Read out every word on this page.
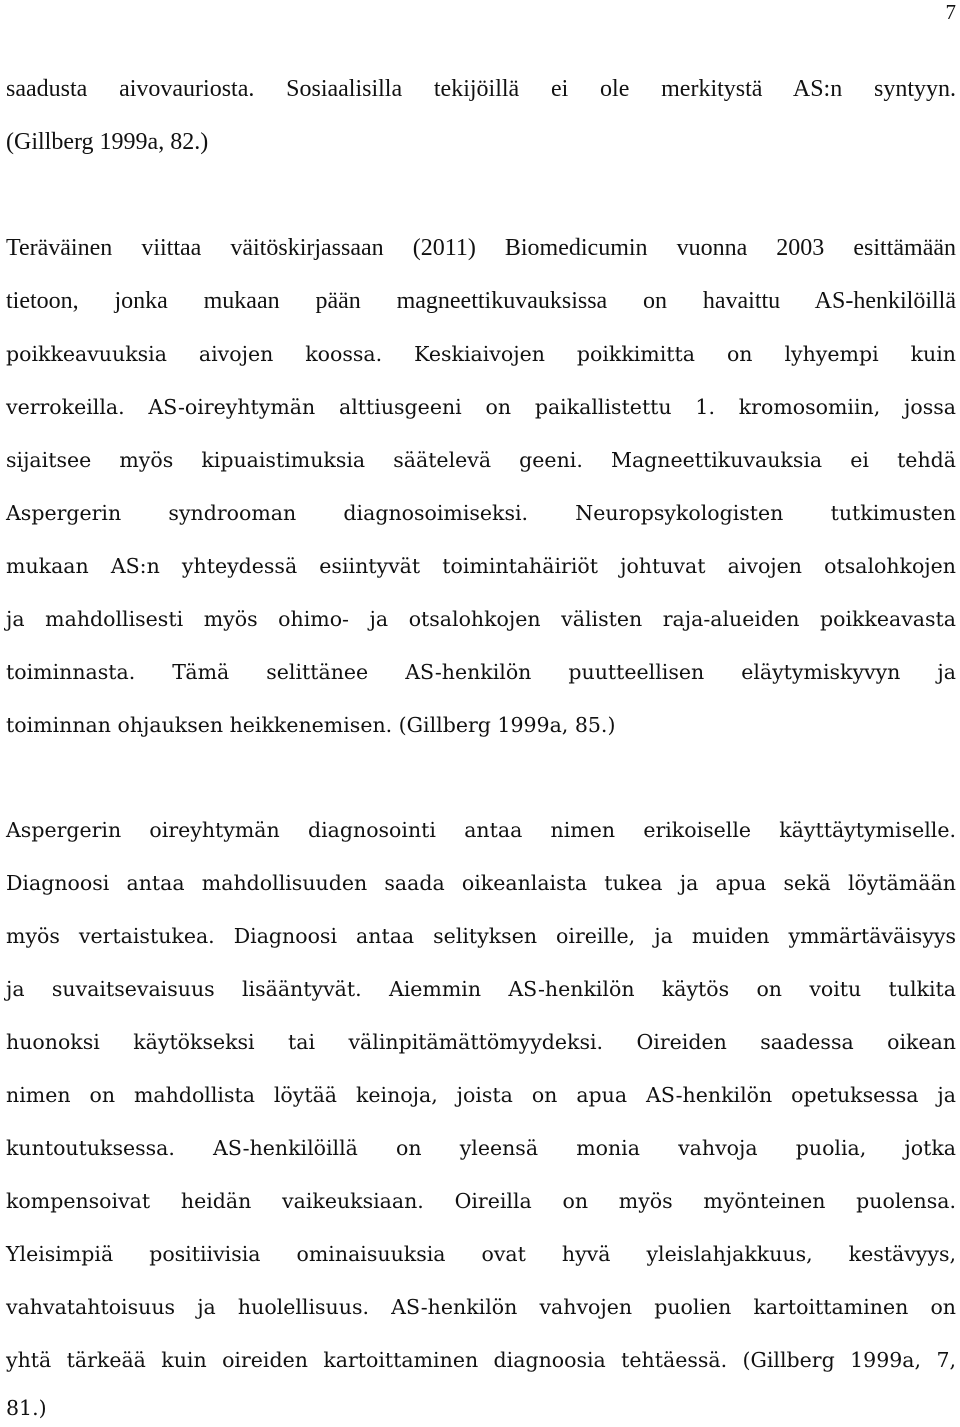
7

saadusta aivovauriosta. Sosiaalisilla tekijöillä ei ole merkitystä AS:n syntyyn.

(Gillberg 1999a, 82.)

Teräväinen viittaa väitöskirjassaan (2011) Biomedicumin vuonna 2003 esittämään

tietoon, jonka mukaan pään magneettikuvauksissa on havaittu AS-henkilöillä

poikkeavuuksia aivojen koossa. Keskiaivojen poikkimitta on lyhyempi kuin

verrokeilla. AS-oireyhtymän alttiusgeeni on paikallistettu 1. kromosomiin, jossa

sijaitsee myös kipuaistimuksia säätelevä geeni. Magneettikuvauksia ei tehdä

Aspergerin syndrooman diagnosoimiseksi. Neuropsykologisten tutkimusten

mukaan AS:n yhteydessä esiintyvät toimintahäiriöt johtuvat aivojen otsalohkojen

ja mahdollisesti myös ohimo- ja otsalohkojen välisten raja-alueiden poikkeavasta

toiminnasta. Tämä selittänee AS-henkilön puutteellisen eläytymiskyvyn ja

toiminnan ohjauksen heikkenemisen. (Gillberg 1999a, 85.)

Aspergerin oireyhtymän diagnosointi antaa nimen erikoiselle käyttäytymiselle.

Diagnoosi antaa mahdollisuuden saada oikeanlaista tukea ja apua sekä löytämään

myös vertaistukea. Diagnoosi antaa selityksen oireille, ja muiden ymmärtäväisyys

ja suvaitsevaisuus lisääntyvät. Aiemmin AS-henkilön käytös on voitu tulkita

huonoksi käytökseksi tai välinpitämättömyydeksi. Oireiden saadessa oikean

nimen on mahdollista löytää keinoja, joista on apua AS-henkilön opetuksessa ja

kuntoutuksessa. AS-henkilöillä on yleensä monia vahvoja puolia, jotka

kompensoivat heidän vaikeuksiaan. Oireilla on myös myönteinen puolensa.

Yleisimpiä positiivisia ominaisuuksia ovat hyvä yleislahjakkuus, kestävyys,

vahvatahtoisuus ja huolellisuus. AS-henkilön vahvojen puolien kartoittaminen on

yhtä tärkeää kuin oireiden kartoittaminen diagnoosia tehtäessä. (Gillberg 1999a, 7,

81.)
